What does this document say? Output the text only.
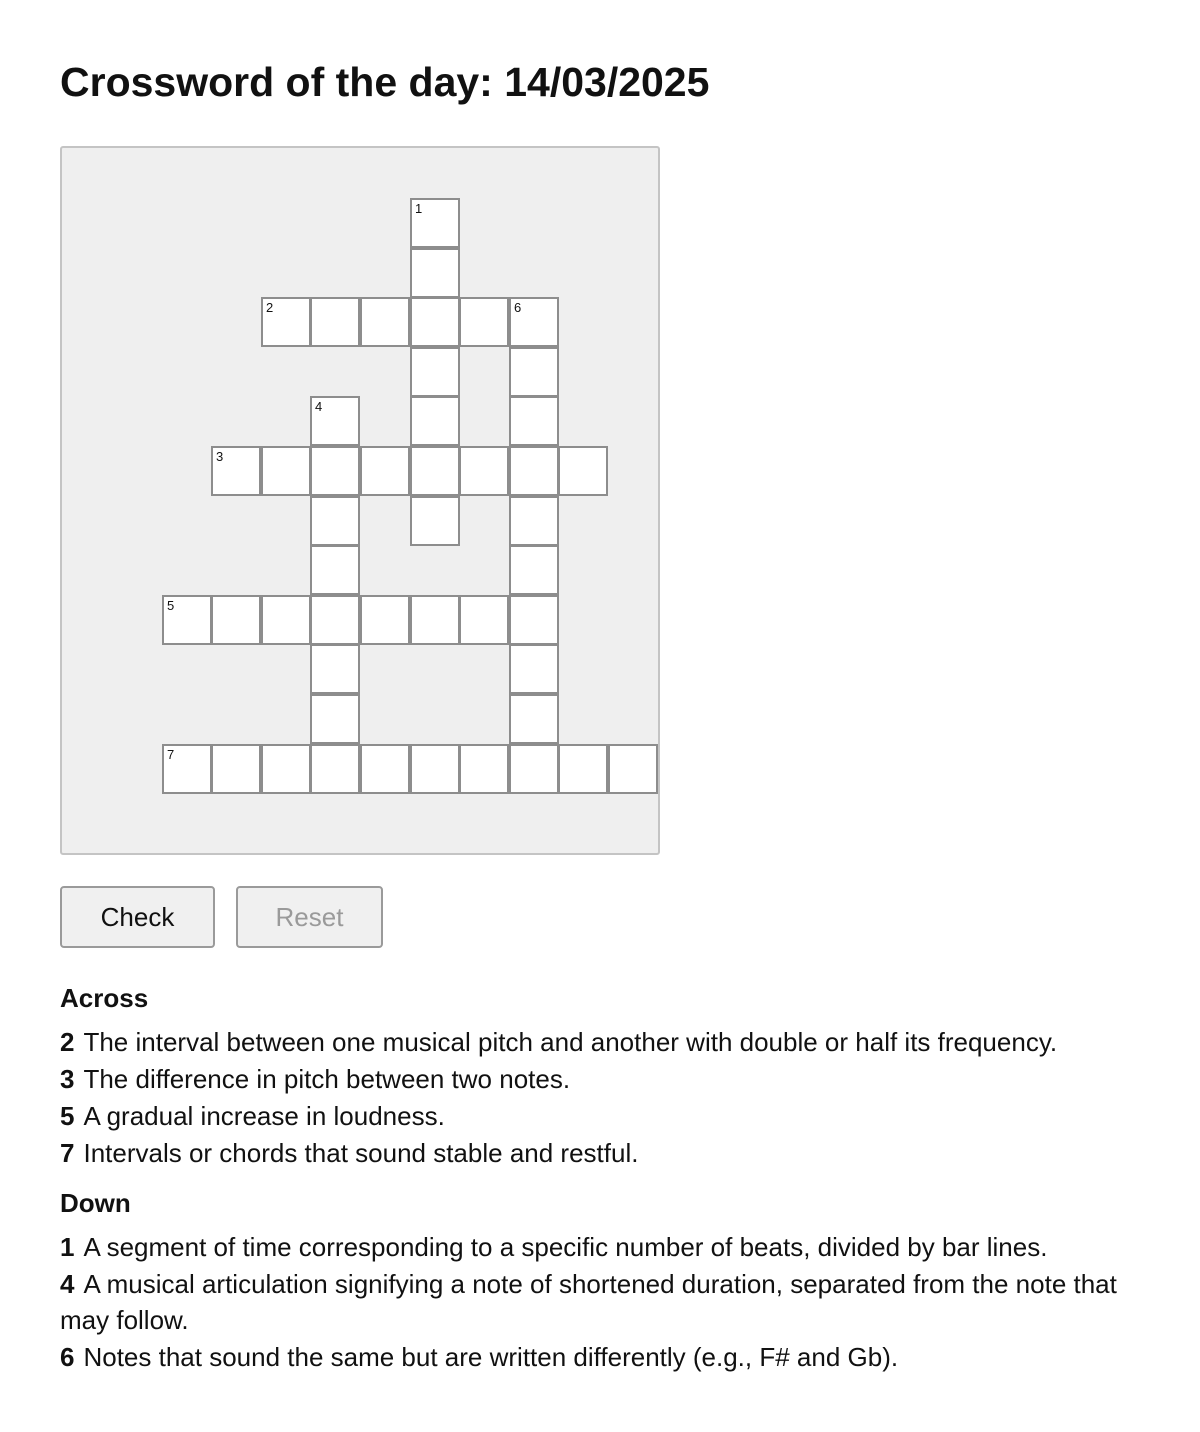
Crossword of the day: 14/03/2025
1
2	6
4
3
5
7
Check	Reset
Across
2 The interval between one musical pitch and another with double or half its frequency.
3 The difference in pitch between two notes.
5 A gradual increase in loudness.
7 Intervals or chords that sound stable and restful.
Down
1 A segment of time corresponding to a specific number of beats, divided by bar lines.
4 A musical articulation signifying a note of shortened duration, separated from the note that may follow.
6 Notes that sound the same but are written differently (e.g., F# and Gb).
